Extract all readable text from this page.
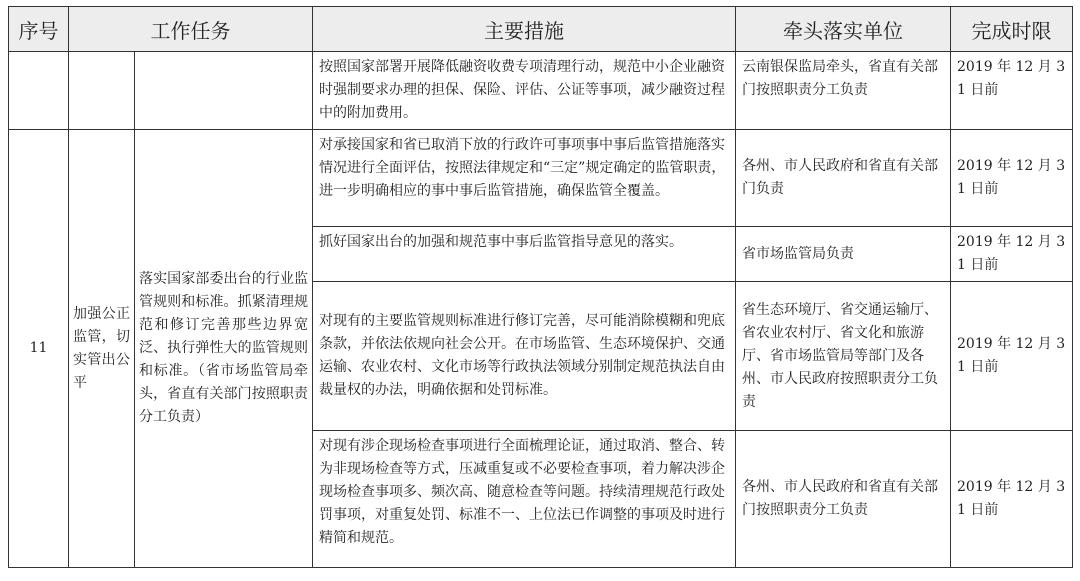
序号	工作任务		主要措施	牵头落实单位	完成时限
			按照国家部署开展降低融资收费专项清理行动，规范中小企业融资时强制要求办理的担保、保险、评估、公证等事项，减少融资过程中的附加费用。	云南银保监局牵头，省直有关部门按照职责分工负责	2019 年 12 月 31 日前
11	加强公正监管，切实管出公平	落实国家部委出台的行业监管规则和标准。抓紧清理规范和修订完善那些边界宽泛、执行弹性大的监管规则和标准。（省市场监管局牵头，省直有关部门按照职责分工负责）	对承接国家和省已取消下放的行政许可事项事中事后监管措施落实情况进行全面评估，按照法律规定和“三定”规定确定的监管职责，进一步明确相应的事中事后监管措施，确保监管全覆盖。	各州、市人民政府和省直有关部门负责	2019 年 12 月 31 日前
			抓好国家出台的加强和规范事中事后监管指导意见的落实。	省市场监管局负责	2019 年 12 月 31 日前
			对现有的主要监管规则标准进行修订完善，尽可能消除模糊和兜底条款，并依法依规向社会公开。在市场监管、生态环境保护、交通运输、农业农村、文化市场等行政执法领域分别制定规范执法自由裁量权的办法，明确依据和处罚标准。	省生态环境厅、省交通运输厅、省农业农村厅、省文化和旅游厅、省市场监管局等部门及各州、市人民政府按照职责分工负责	2019 年 12 月 31 日前
			对现有涉企现场检查事项进行全面梳理论证，通过取消、整合、转为非现场检查等方式，压减重复或不必要检查事项，着力解决涉企现场检查事项多、频次高、随意检查等问题。持续清理规范行政处罚事项，对重复处罚、标准不一、上位法已作调整的事项及时进行精简和规范。	各州、市人民政府和省直有关部门按照职责分工负责	2019 年 12 月 31 日前
